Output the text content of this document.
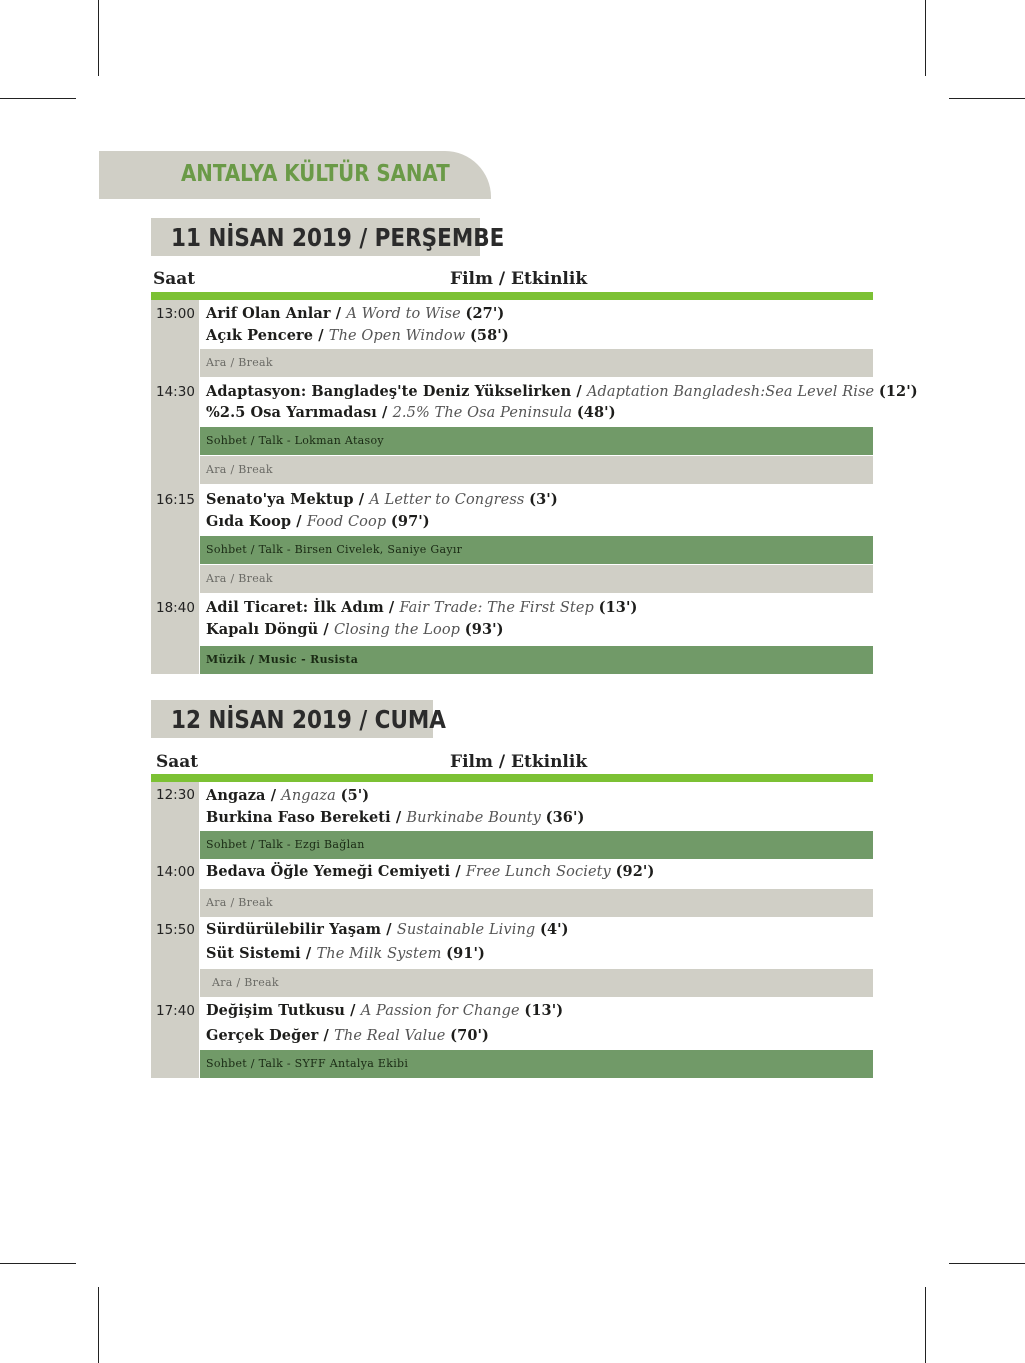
ANTALYA KÜLTÜR SANAT
11 NİSAN 2019 / PERŞEMBE
Saat	Film / Etkinlik
13:00 Arif Olan Anlar / A Word to Wise (27')
Açık Pencere / The Open Window (58')
Ara / Break
14:30 Adaptasyon: Bangladeş'te Deniz Yükselirken / Adaptation Bangladesh:Sea Level Rise (12')
%2.5 Osa Yarımadası / 2.5% The Osa Peninsula (48')
Sohbet / Talk - Lokman Atasoy
Ara / Break
16:15 Senato'ya Mektup / A Letter to Congress (3')
Gıda Koop / Food Coop (97')
Sohbet / Talk - Birsen Civelek, Saniye Gayır
Ara / Break
18:40 Adil Ticaret: İlk Adım / Fair Trade: The First Step (13')
Kapalı Döngü / Closing the Loop (93')
Müzik / Music - Rusista
12 NİSAN 2019 / CUMA
Saat	Film / Etkinlik
12:30 Angaza / Angaza (5')
Burkina Faso Bereketi / Burkinabe Bounty (36')
Sohbet / Talk - Ezgi Bağlan
14:00 Bedava Öğle Yemeği Cemiyeti / Free Lunch Society (92')
Ara / Break
15:50 Sürdürülebilir Yaşam / Sustainable Living (4')
Süt Sistemi / The Milk System (91')
Ara / Break
17:40 Değişim Tutkusu / A Passion for Change (13')
Gerçek Değer / The Real Value (70')
Sohbet / Talk - SYFF Antalya Ekibi
